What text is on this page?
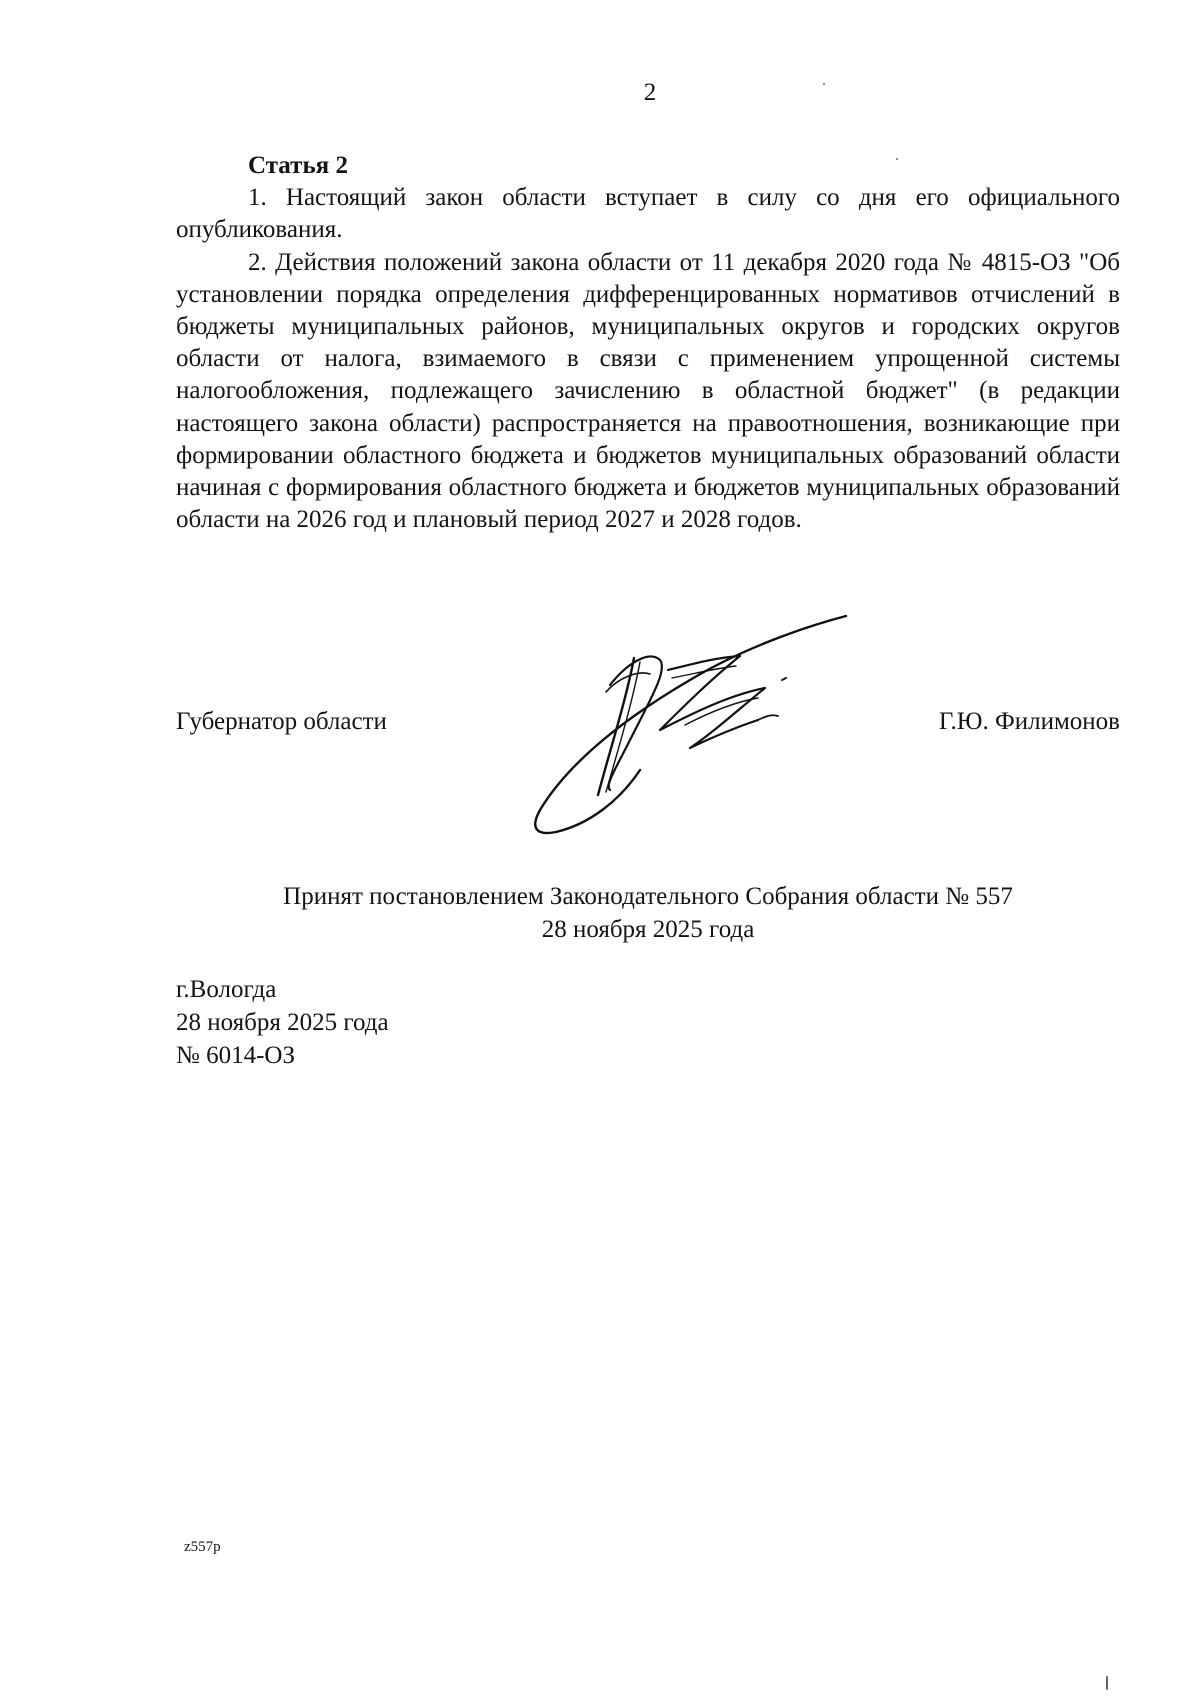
2
Статья 2

1. Настоящий закон области вступает в силу со дня его официального опубликования.

2. Действия положений закона области от 11 декабря 2020 года № 4815-ОЗ "Об установлении порядка определения дифференцированных нормативов отчислений в бюджеты муниципальных районов, муниципальных округов и городских округов области от налога, взимаемого в связи с применением упрощенной системы налогообложения, подлежащего зачислению в областной бюджет" (в редакции настоящего закона области) распространяется на правоотношения, возникающие при формировании областного бюджета и бюджетов муниципальных образований области начиная с формирования областного бюджета и бюджетов муниципальных образований области на 2026 год и плановый период 2027 и 2028 годов.

Губернатор области	Г.Ю. Филимонов
Принят постановлением Законодательного Собрания области № 557
28 ноября 2025 года
г.Вологда
28 ноября 2025 года
№ 6014-ОЗ
z557p
